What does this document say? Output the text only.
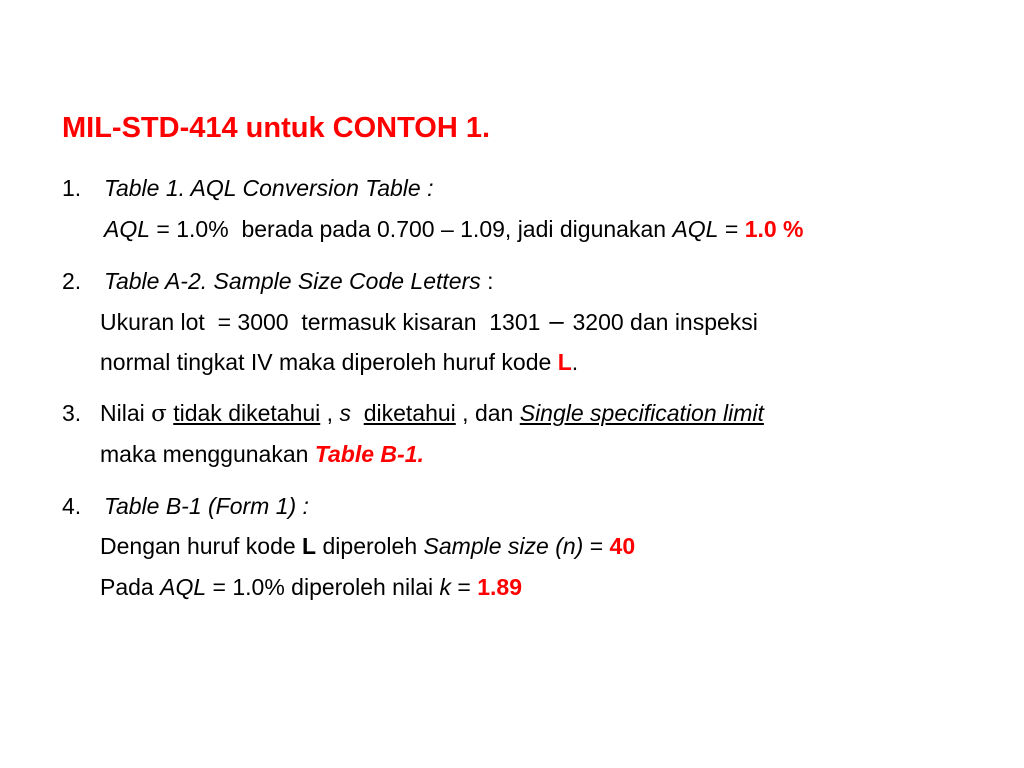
MIL-STD-414 untuk CONTOH 1.
1. Table 1. AQL Conversion Table :
AQL = 1.0%  berada pada 0.700 – 1.09, jadi digunakan AQL = 1.0 %
2. Table A-2. Sample Size Code Letters :
Ukuran lot  = 3000  termasuk kisaran  1301 − 3200 dan inspeksi
normal tingkat IV maka diperoleh huruf kode L.
3. Nilai σ tidak diketahui , s diketahui , dan Single specification limit
maka menggunakan Table B-1.
4. Table B-1 (Form 1) :
Dengan huruf kode L diperoleh Sample size (n) = 40
Pada AQL = 1.0% diperoleh nilai k = 1.89
